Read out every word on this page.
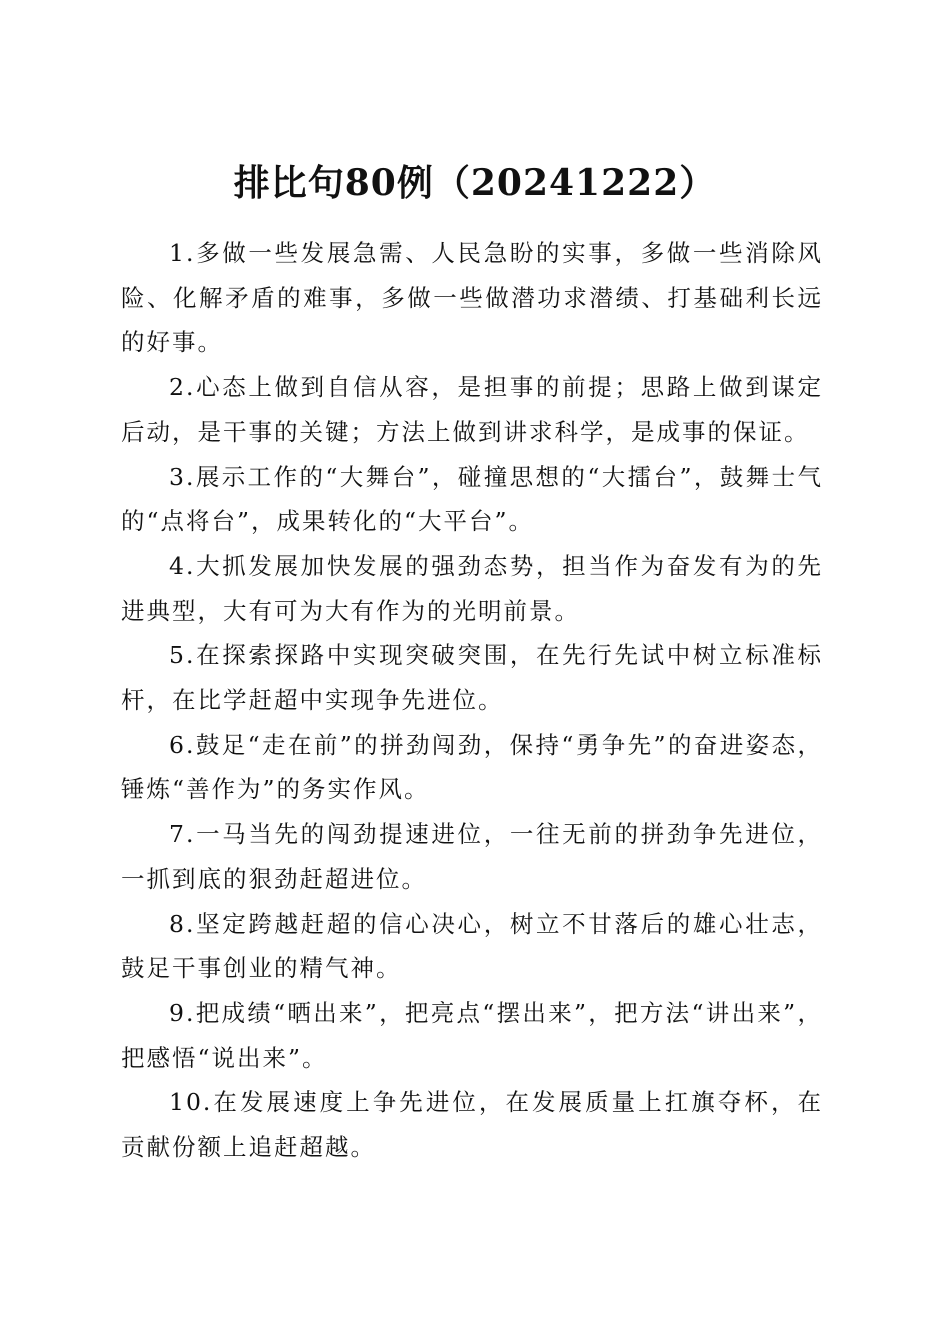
排比句80例（20241222）

1.多做一些发展急需、人民急盼的实事，多做一些消除风险、化解矛盾的难事，多做一些做潜功求潜绩、打基础利长远的好事。

2.心态上做到自信从容，是担事的前提；思路上做到谋定后动，是干事的关键；方法上做到讲求科学，是成事的保证。

3.展示工作的“大舞台”，碰撞思想的“大擂台”，鼓舞士气的“点将台”，成果转化的“大平台”。

4.大抓发展加快发展的强劲态势，担当作为奋发有为的先进典型，大有可为大有作为的光明前景。

5.在探索探路中实现突破突围，在先行先试中树立标准标杆，在比学赶超中实现争先进位。

6.鼓足“走在前”的拼劲闯劲，保持“勇争先”的奋进姿态，锤炼“善作为”的务实作风。

7.一马当先的闯劲提速进位，一往无前的拼劲争先进位，一抓到底的狠劲赶超进位。

8.坚定跨越赶超的信心决心，树立不甘落后的雄心壮志，鼓足干事创业的精气神。

9.把成绩“晒出来”，把亮点“摆出来”，把方法“讲出来”，把感悟“说出来”。

10.在发展速度上争先进位，在发展质量上扛旗夺杯，在贡献份额上追赶超越。
